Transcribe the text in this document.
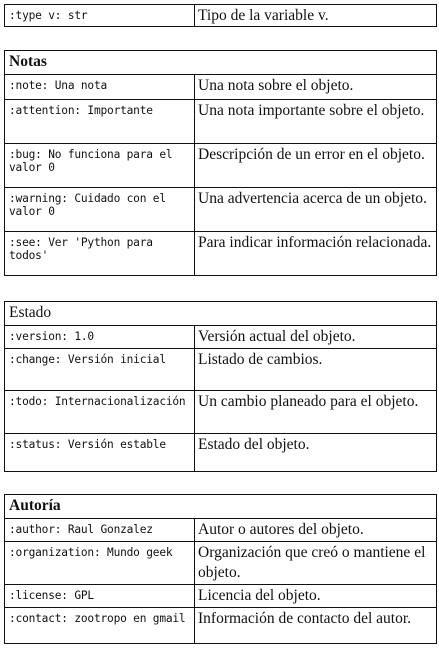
:type v: str	Tipo de la variable v.
Notas	
:note: Una nota	Una nota sobre el objeto.
:attention: Importante	Una nota importante sobre el objeto.
:bug: No funciona para el valor 0	Descripción de un error en el objeto.
:warning: Cuidado con el valor 0	Una advertencia acerca de un objeto.
:see: Ver 'Python para todos'	Para indicar información relacionada.
Estado	
:version: 1.0	Versión actual del objeto.
:change: Versión inicial	Listado de cambios.
:todo: Internacionalización	Un cambio planeado para el objeto.
:status: Versión estable	Estado del objeto.
Autoría	
:author: Raul Gonzalez	Autor o autores del objeto.
:organization: Mundo geek	Organización que creó o mantiene el objeto.
:license: GPL	Licencia del objeto.
:contact: zootropo en gmail	Información de contacto del autor.
